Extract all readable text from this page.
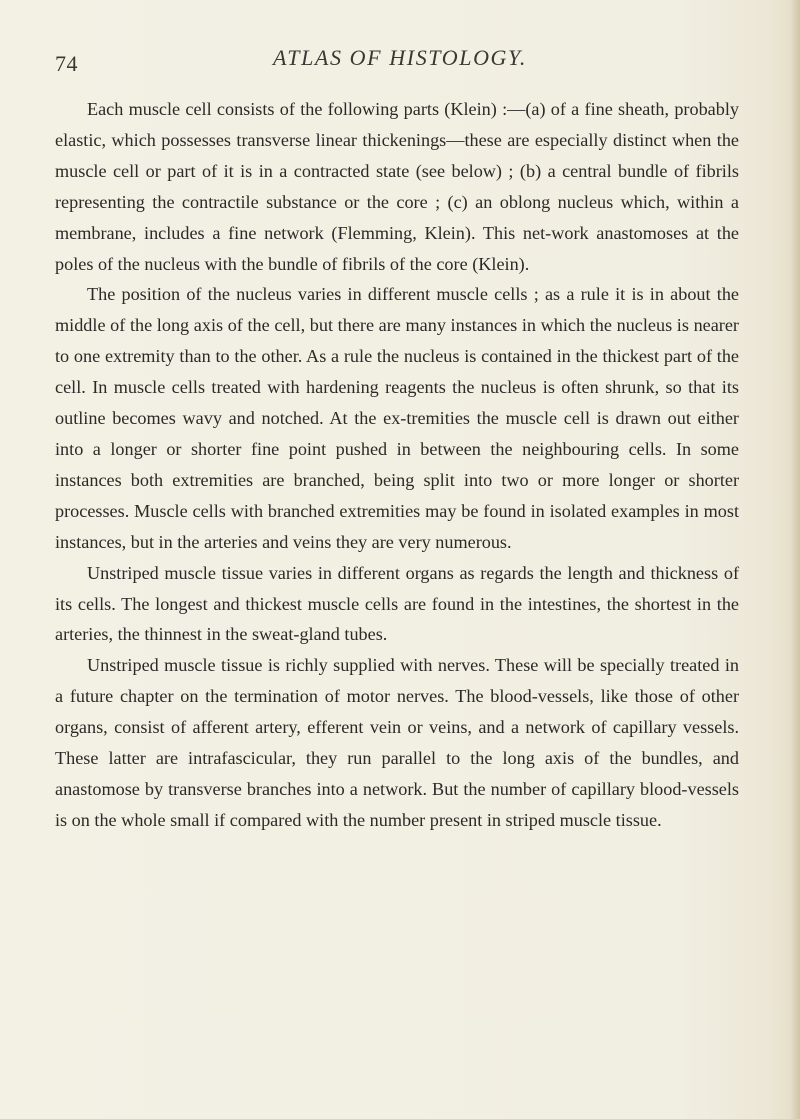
74	ATLAS OF HISTOLOGY.

Each muscle cell consists of the following parts (Klein) :—(a) of a fine sheath, probably elastic, which possesses transverse linear thickenings—these are especially distinct when the muscle cell or part of it is in a contracted state (see below) ; (b) a central bundle of fibrils representing the contractile substance or the core ; (c) an oblong nucleus which, within a membrane, includes a fine network (Flemming, Klein). This net-work anastomoses at the poles of the nucleus with the bundle of fibrils of the core (Klein).

The position of the nucleus varies in different muscle cells ; as a rule it is in about the middle of the long axis of the cell, but there are many instances in which the nucleus is nearer to one extremity than to the other. As a rule the nucleus is contained in the thickest part of the cell. In muscle cells treated with hardening reagents the nucleus is often shrunk, so that its outline becomes wavy and notched. At the ex-tremities the muscle cell is drawn out either into a longer or shorter fine point pushed in between the neighbouring cells. In some instances both extremities are branched, being split into two or more longer or shorter processes. Muscle cells with branched extremities may be found in isolated examples in most instances, but in the arteries and veins they are very numerous.

Unstriped muscle tissue varies in different organs as regards the length and thickness of its cells. The longest and thickest muscle cells are found in the intestines, the shortest in the arteries, the thinnest in the sweat-gland tubes.

Unstriped muscle tissue is richly supplied with nerves. These will be specially treated in a future chapter on the termination of motor nerves. The blood-vessels, like those of other organs, consist of afferent artery, efferent vein or veins, and a network of capillary vessels. These latter are intrafascicular, they run parallel to the long axis of the bundles, and anastomose by transverse branches into a network. But the number of capillary blood-vessels is on the whole small if compared with the number present in striped muscle tissue.
